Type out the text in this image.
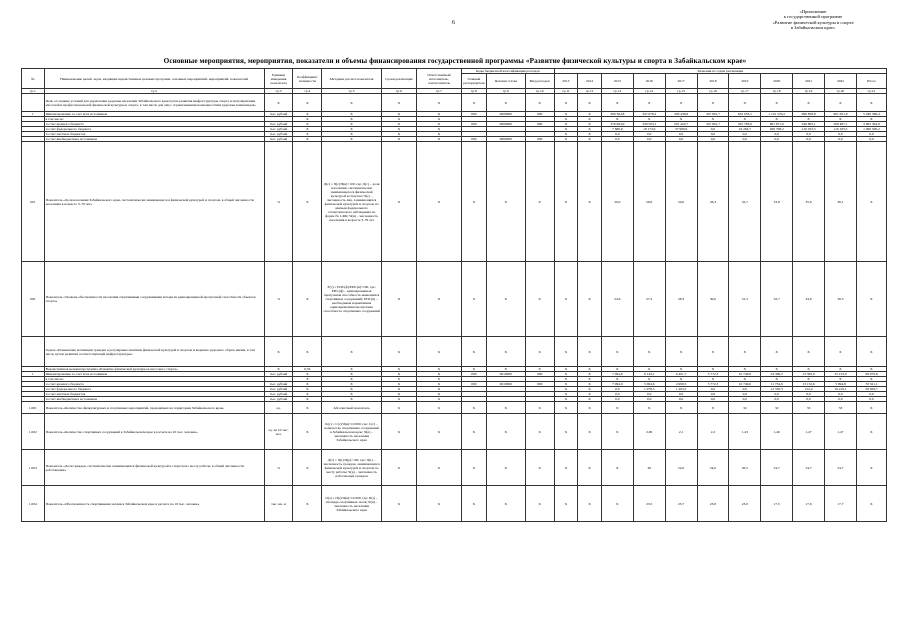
6
«Приложение
к государственной программе
«Развитие физической культуры и спорта
в Забайкальском крае»
Основные мероприятия, мероприятия, показатели и объемы финансирования государственной программы «Развитие физической культуры и спорта в Забайкальском крае»
№	Наименование целей, задач, входящих ведомственных целевых программ, основных мероприятий, мероприятий, показателей	Единица измерения показателя	Коэффициент значимости	Методика расчета показателя	Сроки реализации	Ответственный исполнитель, соисполнитель	Коды бюджетной классификации расходов			Значения по годам реализации										
							Главный распорядитель	Целевая статья	Вид расходов	2013	2014	2015	2016	2017	2018	2019	2020	2021	2022	Итого
гр.1	гр.2	гр.3	гр.4	гр.5	гр.6	гр.7	гр.8	гр.9	гр.10	гр.11	гр.12	гр.13	гр.14	гр.15	гр.16	гр.17	гр.18	гр.19	гр.20	гр.21
	Цель «Создание условий для укрепления здоровья населения Забайкальского края путем развития инфраструктуры спорта и популяризации массовой и профессиональной физической культуры и спорта, в том числе для лиц с ограниченными возможностями здоровья и инвалидов»	Х	Х	Х	Х	Х	Х	Х	Х	Х	Х	Х	Х	Х	Х	Х	Х	Х	Х	Х
1	Финансирование за счет всех источников	тыс. рублей	Х	Х	Х	Х	000	0600000	000	Х	Х	369 304,8	347 678,2	329 438,8	347 801,7	652 053,1	1 101 579,2	996 858,8	901 651,8	5 046 366,4
	в том числе:		Х	Х	Х	Х				Х	Х	Х	Х	Х	Х	Х	Х	Х	Х	Х
	за счет краевого бюджета	тыс. рублей	Х	Х	Х	Х	000	0600000	000	Х	Х	376 664,0	339 503,1	291 422,7	347 801,7	325 783,0	601 871,0	546 805,1	508 487,1	3 685 364,8
	за счет федерального бюджета	тыс. рублей	Х	Х	Х	Х				Х	Х	7 686,0	18 174,9	37 990,6	0,0	22 264,7	499 708,2	210 453,5	116 183,5	1 060 500,2
	за счет местных бюджетов	тыс. рублей	Х	Х	Х	Х				Х	Х	0,0	0,0	0,0	0,0	0,0	0,0	0,0	0,0	0,0
	за счет внебюджетных источников	тыс. рублей	Х	Х	Х	Х	000	0600000	000	Х	Х	0,0	0,0	0,0	0,0	0,0	0,0	0,0	0,0	0,0
001	Показатель «Доля населения Забайкальского края, систематически занимающегося физической культурой и спортом, в общей численности населения в возрасте 3–79 лет»	%	Х	Д(с) = Ч(с)/Ч(н)×100, где: Д(с) – доля населения, систематически занимающегося физической культурой и спортом; Ч(с) – численность лиц, занимающихся физической культурой и спортом по данным федерального статистического наблюдения по форме № 1-ФК; Ч(н) – численность населения в возрасте 3–79 лет	Х	Х	Х	Х	Х	Х	Х	20,0	20,6	24,0	26,3	32,7	33,8	35,9	36,1	Х
002	Показатель «Уровень обеспеченности населения спортивными сооружениями исходя из единовременной пропускной способности объектов спорта»	%	Х	Е(с) = ЕПС(ф)/ЕПС(н)×100, где: ЕПС(ф) – единовременная пропускная способность имеющихся спортивных сооружений; ЕПС(н) – необходимая нормативная единовременная пропускная способность спортивных сооружений	Х	Х	Х	Х	Х	Х	Х	24,6	27,2	28,3	30,0	31,3	32,7	34,6	36,5	Х
	Задача «Повышение мотивации граждан к регулярным занятиям физической культурой и спортом и ведению здорового образа жизни, в том числе путем развития соответствующей инфраструктуры»	Х	Х	Х	Х	Х	Х	Х	Х	Х	Х	Х	Х	Х	Х	Х	Х	Х	Х	Х
	Ведомственная целевая программа «Развитие физической культуры и массового спорта»	Х	0,50	Х	Х	Х	Х	Х	Х	Х	Х	Х	Х	Х	Х	Х	Х	Х	Х	Х
1	Финансирование за счет всех источников	тыс. рублей	Х	Х	Х	Х	000	0610000	000	Х	Х	7 094,0	6 143,1	6 401,7	5 772,3	10 749,6	24 300,2	13 305,0	25 213,9	98 979,8
	в том числе:		Х	Х	Х	Х				Х	Х	Х	Х	Х	Х	Х	Х	Х	Х	Х
	за счет краевого бюджета	тыс. рублей	Х	Х	Х	Х	000	0610000	000	Х	Х	7 094,0	5 064,6	4 998,5	5 772,3	10 749,6	11 734,9	13 152,6	5 994,8	70 321,1
	за счет федерального бюджета	тыс. рублей	Х	Х	Х	Х				Х	Х	0,0	1 078,5	1 403,2	0,0	0,0	12 565,3	152,4	19 219,1	28 658,7
	за счет местных бюджетов	тыс. рублей	Х	Х	Х	Х				Х	Х	0,0	0,0	0,0	0,0	0,0	0,0	0,0	0,0	0,0
	за счет внебюджетных источников	тыс. рублей	Х	Х	Х	Х				Х	Х	0,0	0,0	0,0	0,0	0,0	0,0	0,0	0,0	0,0
1.001	Показатель «Количество физкультурных и спортивных мероприятий, проводимых на территории Забайкальского края»	ед.	Х	Абсолютный показатель	Х	Х	Х	Х	Х	Х	Х	Х	Х	Х	Х	32	32	33	33	Х
1.002	Показатель «Количество спортивных сооружений в Забайкальском крае в расчете на 10 тыс. человек»	ед. на 10 тыс. чел.	Х	К(c) = С(c)/Ч(н)×10 000, где: С(с) – количество спортивных сооружений в Забайкальском крае; Ч(н) – численность населения Забайкальского края	Х	Х	Х	Х	Х	Х	Х	Х	2,00	2,1	2,2	1,43	1,46	1,47	1,47	Х
1.003	Показатель «Доля граждан, систематически занимающихся физической культурой и спортом по месту работы, в общей численности работающих»	%	Х	Д(т) = Ч(т)/Ч(р)×100, где: Ч(т) – численность граждан, занимающихся физической культурой и спортом по месту работы; Ч(р) – численность работающих граждан	Х	Х	Х	Х	Х	Х	Х	Х	46	52,0	54,0	56,5	54,7	54,7	54,7	Х
1.004	Показатель «Обеспеченность спортивными залами в Забайкальском крае в расчете на 10 тыс. человек»	тыс. кв. м	Х	О(з) = П(з)/Ч(н)×10 000, где: П(з) – площадь спортивных залов; Ч(н) – численность населения Забайкальского края	Х	Х	Х	Х	Х	Х	Х	Х	23,5	23,7	23,8	23,9	17,5	17,6	17,7	Х
